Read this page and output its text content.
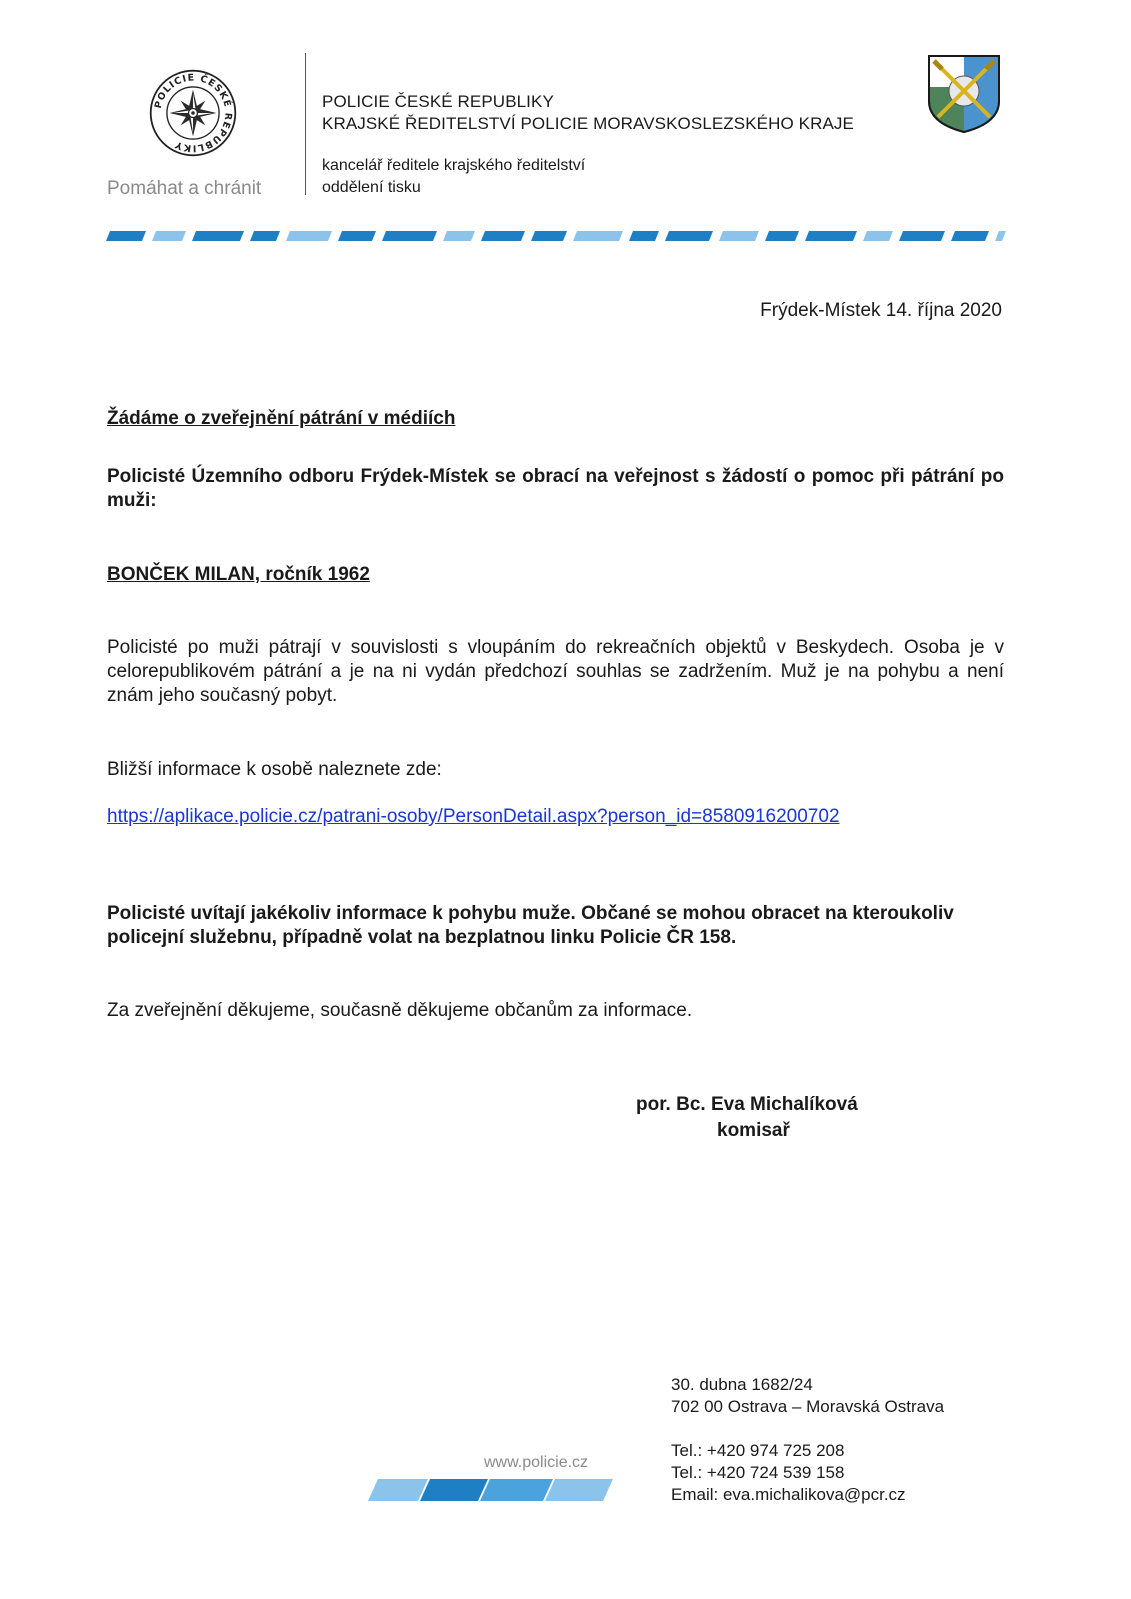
POLICIE ČESKÉ REPUBLIKY
Pomáhat a chránit
POLICIE ČESKÉ REPUBLIKY
KRAJSKÉ ŘEDITELSTVÍ POLICIE MORAVSKOSLEZSKÉHO KRAJE
kancelář ředitele krajského ředitelství
oddělení tisku
Frýdek-Místek 14. října 2020
Žádáme o zveřejnění pátrání v médiích
Policisté Územního odboru Frýdek-Místek se obrací na veřejnost s žádostí o pomoc při pátrání po muži:
BONČEK MILAN, ročník 1962
Policisté po muži pátrají v souvislosti s vloupáním do rekreačních objektů v Beskydech. Osoba je v celorepublikovém pátrání a je na ni vydán předchozí souhlas se zadržením. Muž je na pohybu a není znám jeho současný pobyt.
Bližší informace k osobě naleznete zde:
https://aplikace.policie.cz/patrani-osoby/PersonDetail.aspx?person_id=8580916200702
Policisté uvítají jakékoliv informace k pohybu muže. Občané se mohou obracet na kteroukoliv policejní služebnu, případně volat na bezplatnou linku Policie ČR 158.
Za zveřejnění děkujeme, současně děkujeme občanům za informace.
por. Bc. Eva Michalíková
komisař
www.policie.cz
30. dubna 1682/24
702 00 Ostrava – Moravská Ostrava
Tel.: +420 974 725 208
Tel.: +420 724 539 158
Email: eva.michalikova@pcr.cz
